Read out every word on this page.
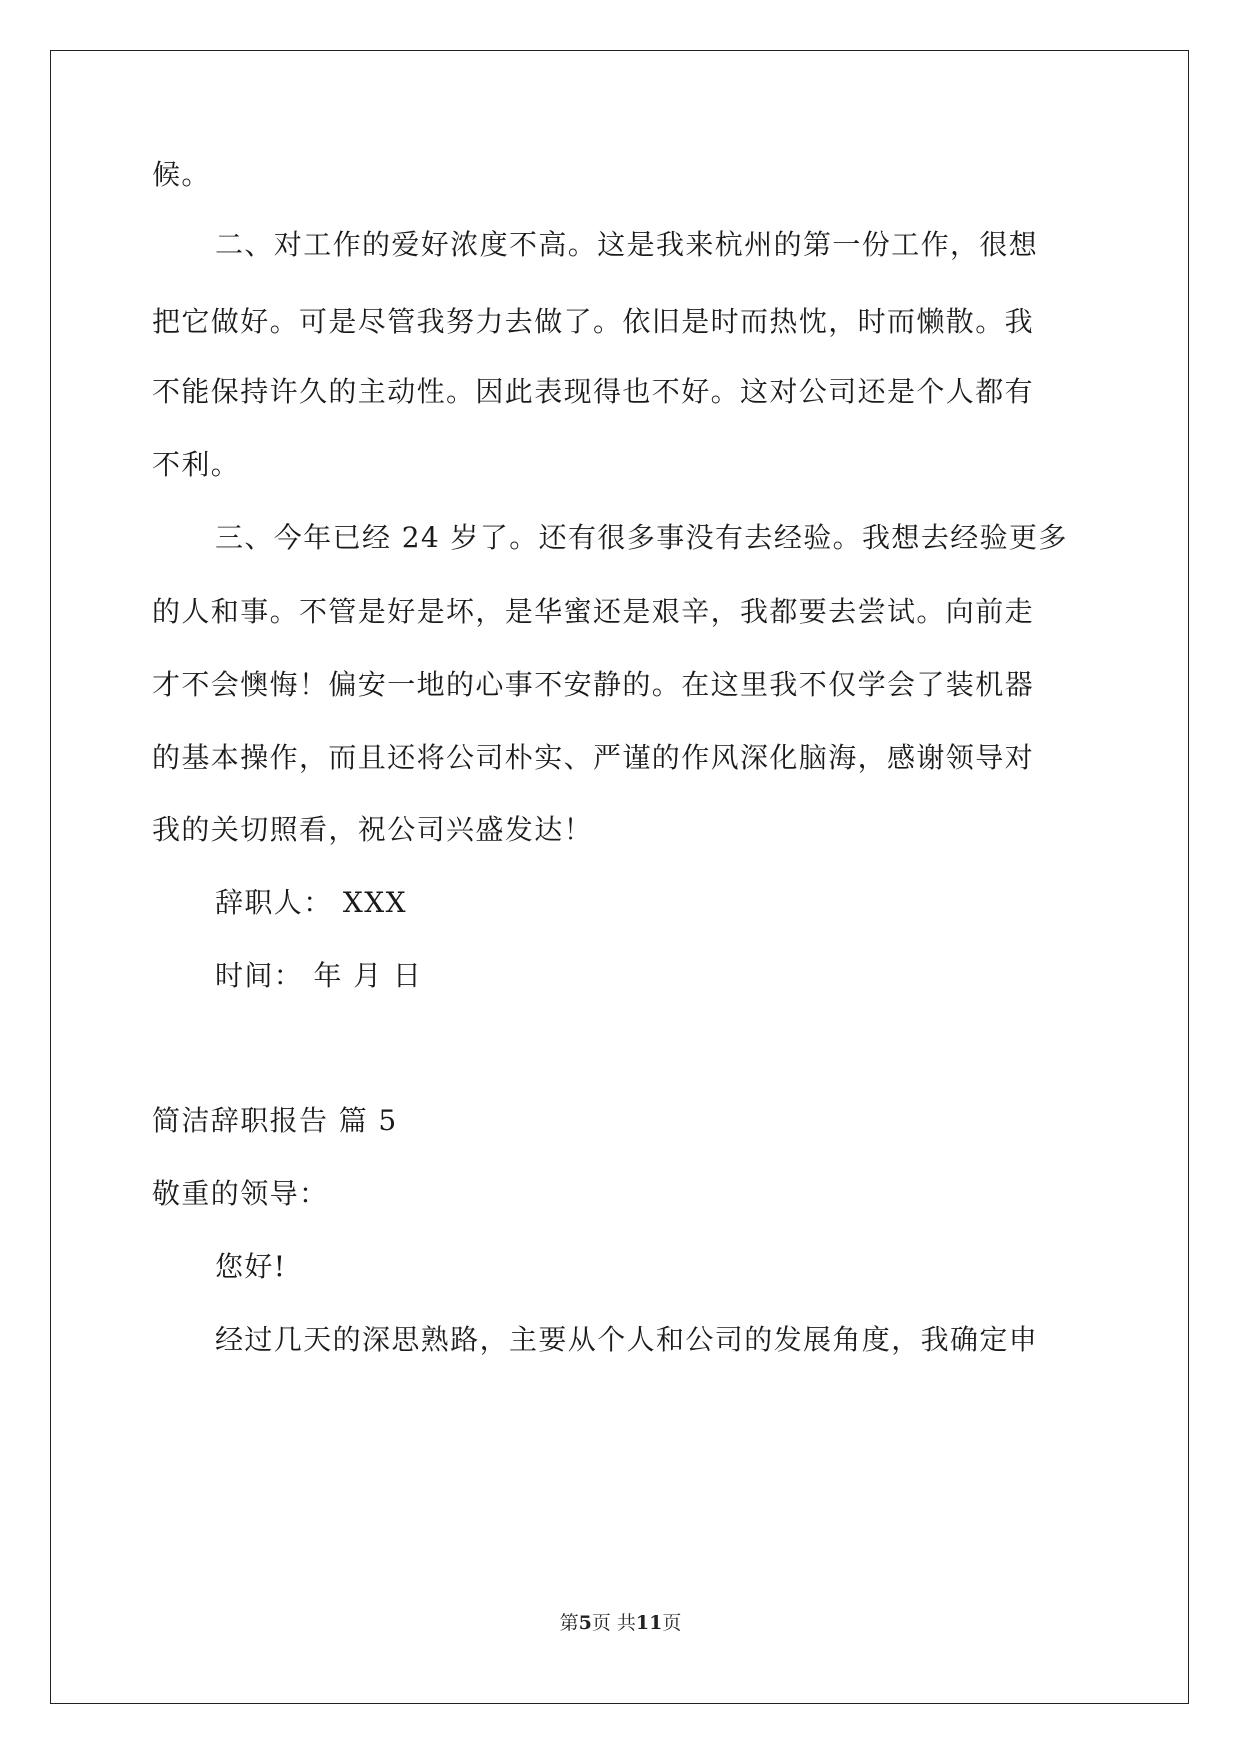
候。
二、对工作的爱好浓度不高。这是我来杭州的第一份工作，很想
把它做好。可是尽管我努力去做了。依旧是时而热忱，时而懒散。我
不能保持许久的主动性。因此表现得也不好。这对公司还是个人都有
不利。
三、今年已经 24 岁了。还有很多事没有去经验。我想去经验更多
的人和事。不管是好是坏，是华蜜还是艰辛，我都要去尝试。向前走
才不会懊悔！偏安一地的心事不安静的。在这里我不仅学会了装机器
的基本操作，而且还将公司朴实、严谨的作风深化脑海，感谢领导对
我的关切照看，祝公司兴盛发达！
辞职人： XXX
时间： 年 月 日
简洁辞职报告 篇 5
敬重的领导：
您好!
经过几天的深思熟路，主要从个人和公司的发展角度，我确定申
第5页 共11页
